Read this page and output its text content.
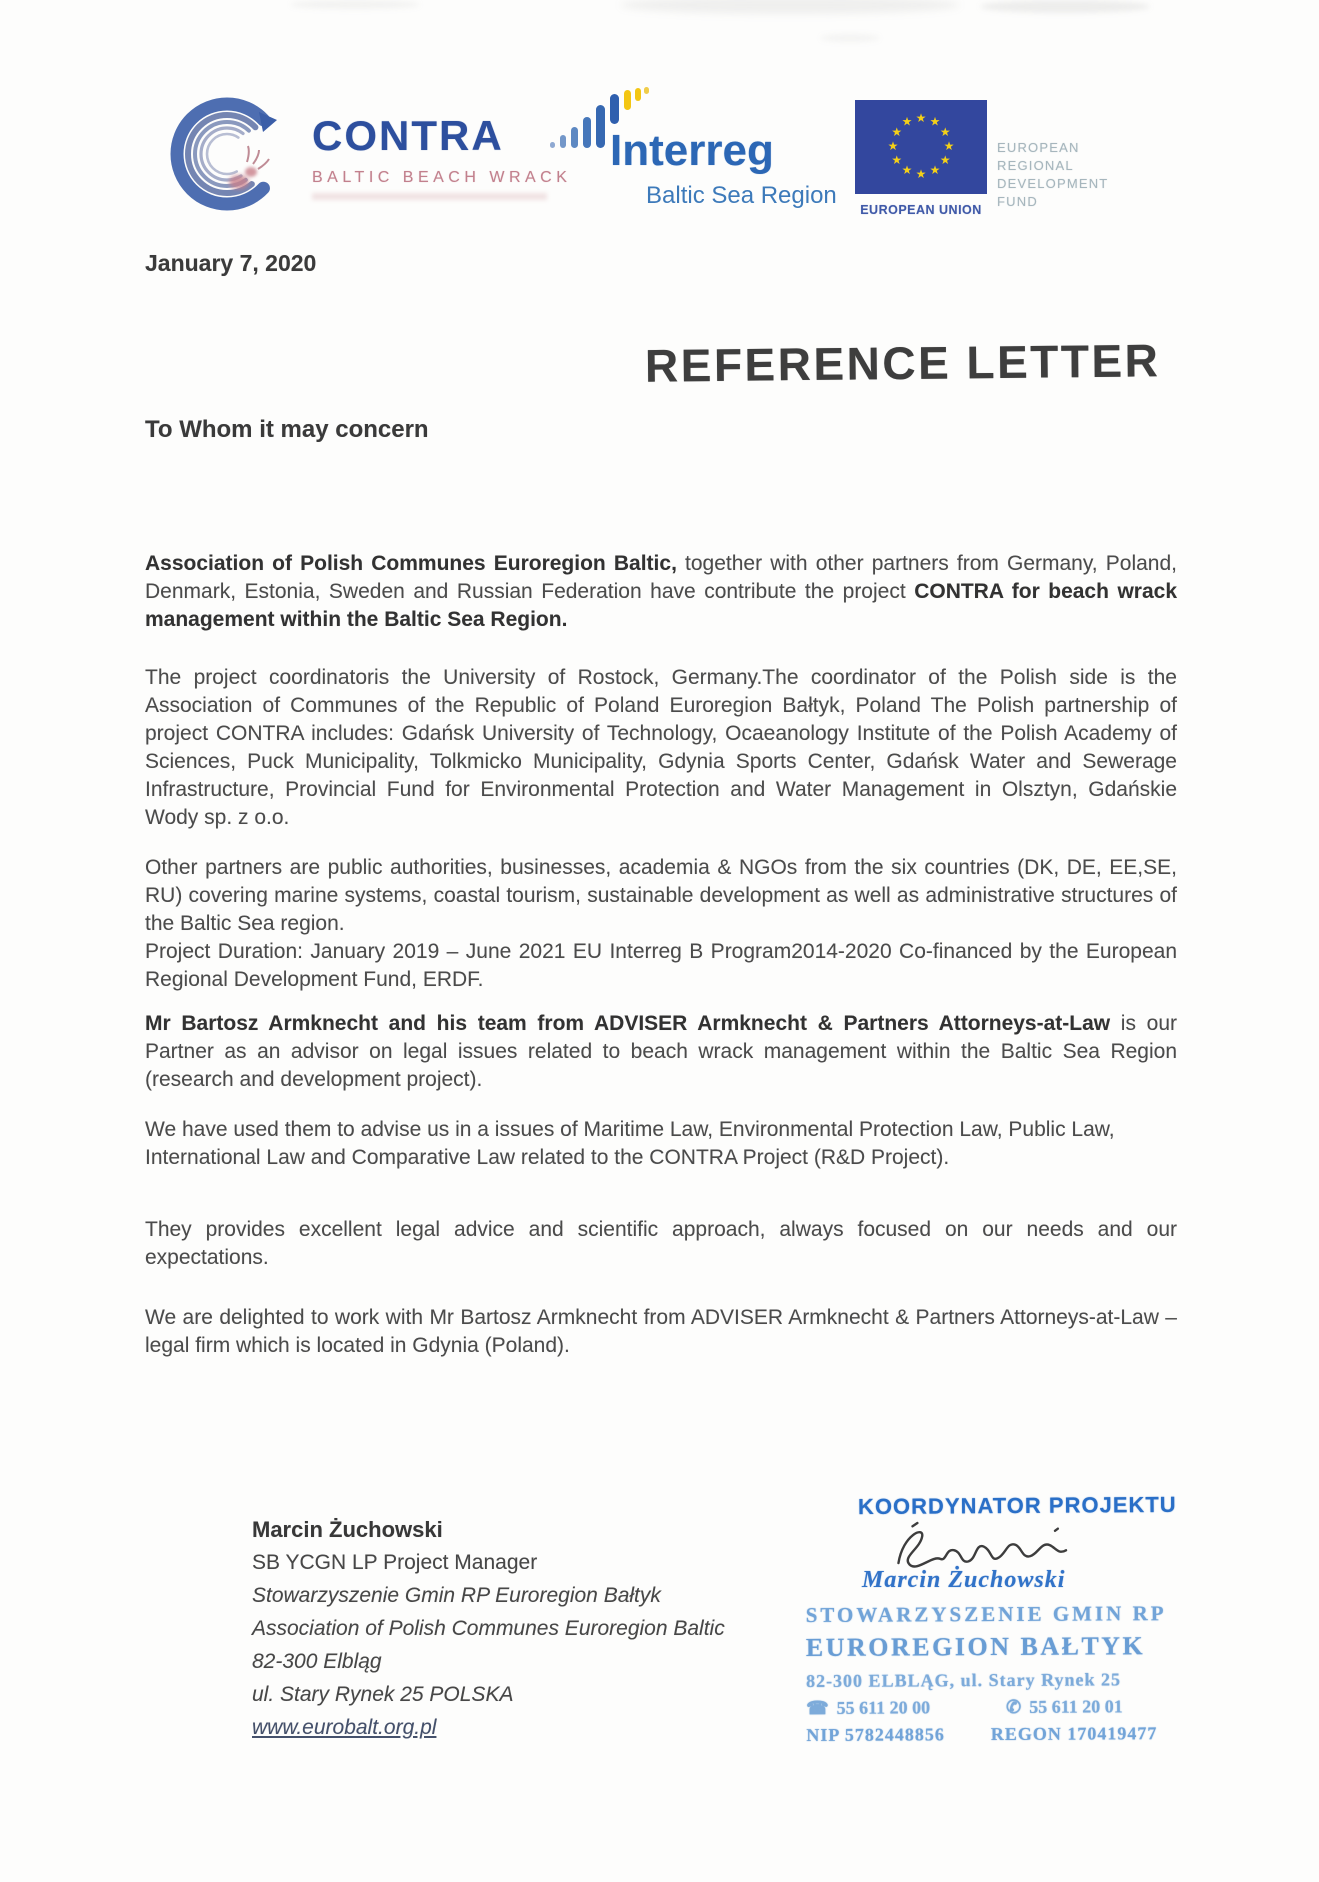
CONTRA
BALTIC BEACH WRACK
Interreg
Baltic Sea Region
★ ★
★
★
★
★
★
★
★
★
★
★
EUROPEAN UNION
EUROPEAN
REGIONAL
DEVELOPMENT
FUND
January 7, 2020
REFERENCE LETTER
To Whom it may concern

Association of Polish Communes Euroregion Baltic, together with other partners from Germany, Poland, Denmark, Estonia, Sweden and Russian Federation have contribute the project CONTRA for beach wrack management within the Baltic Sea Region.

The project coordinatoris the University of Rostock, Germany.The coordinator of the Polish side is the Association of Communes of the Republic of Poland Euroregion Bałtyk, Poland The Polish partnership of project CONTRA includes: Gdańsk University of Technology, Ocaeanology Institute of the Polish Academy of Sciences, Puck Municipality, Tolkmicko Municipality, Gdynia Sports Center, Gdańsk Water and Sewerage Infrastructure, Provincial Fund for Environmental Protection and Water Management in Olsztyn, Gdańskie Wody sp. z o.o.

Other partners are public authorities, businesses, academia & NGOs from the six countries (DK, DE, EE,SE, RU) covering marine systems, coastal tourism, sustainable development as well as administrative structures of the Baltic Sea region.
Project Duration: January 2019 – June 2021 EU Interreg B Program2014-2020 Co-financed by the European Regional Development Fund, ERDF.

Mr Bartosz Armknecht and his team from ADVISER Armknecht & Partners Attorneys-at-Law is our Partner as an advisor on legal issues related to beach wrack management within the Baltic Sea Region (research and development project).

We have used them to advise us in a issues of Maritime Law, Environmental Protection Law, Public Law,
International Law and Comparative Law related to the CONTRA Project (R&D Project).

They provides excellent legal advice and scientific approach, always focused on our needs and our expectations.

We are delighted to work with Mr Bartosz Armknecht from ADVISER Armknecht & Partners Attorneys-at-Law – legal firm which is located in Gdynia (Poland).

Marcin Żuchowski
SB YCGN LP Project Manager
Stowarzyszenie Gmin RP Euroregion Bałtyk
Association of Polish Communes Euroregion Baltic
82-300 Elbląg
ul. Stary Rynek 25 POLSKA
www.eurobalt.org.pl
KOORDYNATOR PROJEKTU
Marcin Żuchowski
STOWARZYSZENIE GMIN RP
EUROREGION BAŁTYK
82-300 ELBLĄG, ul. Stary Rynek 25
☎ 55 611 20 00	✆ 55 611 20 01
NIP 5782448856	REGON 170419477
